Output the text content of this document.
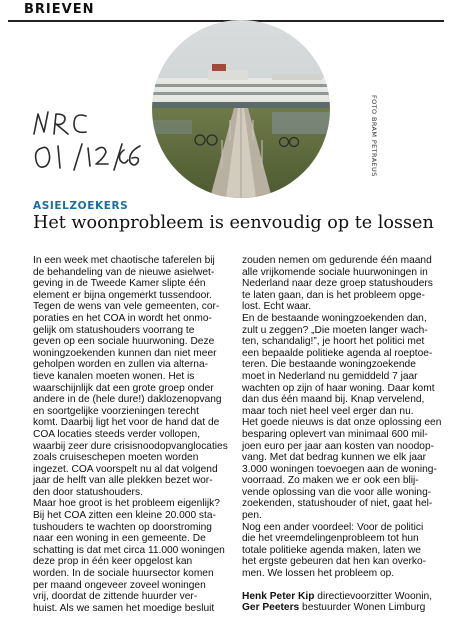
BRIEVEN
FOTO BRAM PETRAEUS
ASIELZOEKERS
Het woonprobleem is eenvoudig op te lossen
In een week met chaotische taferelen bij
de behandeling van de nieuwe asielwet-
geving in de Tweede Kamer slipte één
element er bijna ongemerkt tussendoor.
Tegen de wens van vele gemeenten, cor-
poraties en het COA in wordt het onmo-
gelijk om statushouders voorrang te
geven op een sociale huurwoning. Deze
woningzoekenden kunnen dan niet meer
geholpen worden en zullen via alterna-
tieve kanalen moeten wonen. Het is
waarschijnlijk dat een grote groep onder
andere in de (hele dure!) daklozenopvang
en soortgelijke voorzieningen terecht
komt. Daarbij ligt het voor de hand dat de
COA locaties steeds verder vollopen,
waarbij zeer dure crisisnoodopvanglocaties
zoals cruiseschepen moeten worden
ingezet. COA voorspelt nu al dat volgend
jaar de helft van alle plekken bezet wor-
den door statushouders.
Maar hoe groot is het probleem eigenlijk?
Bij het COA zitten een kleine 20.000 sta-
tushouders te wachten op doorstroming
naar een woning in een gemeente. De
schatting is dat met circa 11.000 woningen
deze prop in één keer opgelost kan
worden. In de sociale huursector komen
per maand ongeveer zoveel woningen
vrij, doordat de zittende huurder ver-
huist. Als we samen het moedige besluit
zouden nemen om gedurende één maand
alle vrijkomende sociale huurwoningen in
Nederland naar deze groep statushouders
te laten gaan, dan is het probleem opge-
lost. Echt waar.
En de bestaande woningzoekenden dan,
zult u zeggen? „Die moeten langer wach-
ten, schandalig!”, je hoort het politici met
een bepaalde politieke agenda al roeptoe-
teren. Die bestaande woningzoekende
moet in Nederland nu gemiddeld 7 jaar
wachten op zijn of haar woning. Daar komt
dan dus één maand bij. Knap vervelend,
maar toch niet heel veel erger dan nu.
Het goede nieuws is dat onze oplossing een
besparing oplevert van minimaal 600 mil-
joen euro per jaar aan kosten van noodop-
vang. Met dat bedrag kunnen we elk jaar
3.000 woningen toevoegen aan de woning-
voorraad. Zo maken we er ook een blij-
vende oplossing van die voor alle woning-
zoekenden, statushouder of niet, gaat hel-
pen.
Nog een ander voordeel: Voor de politici
die het vreemdelingenprobleem tot hun
totale politieke agenda maken, laten we
het ergste gebeuren dat hen kan overko-
men. We lossen het probleem op.
Henk Peter Kip directievoorzitter Woonin,
Ger Peeters bestuurder Wonen Limburg
